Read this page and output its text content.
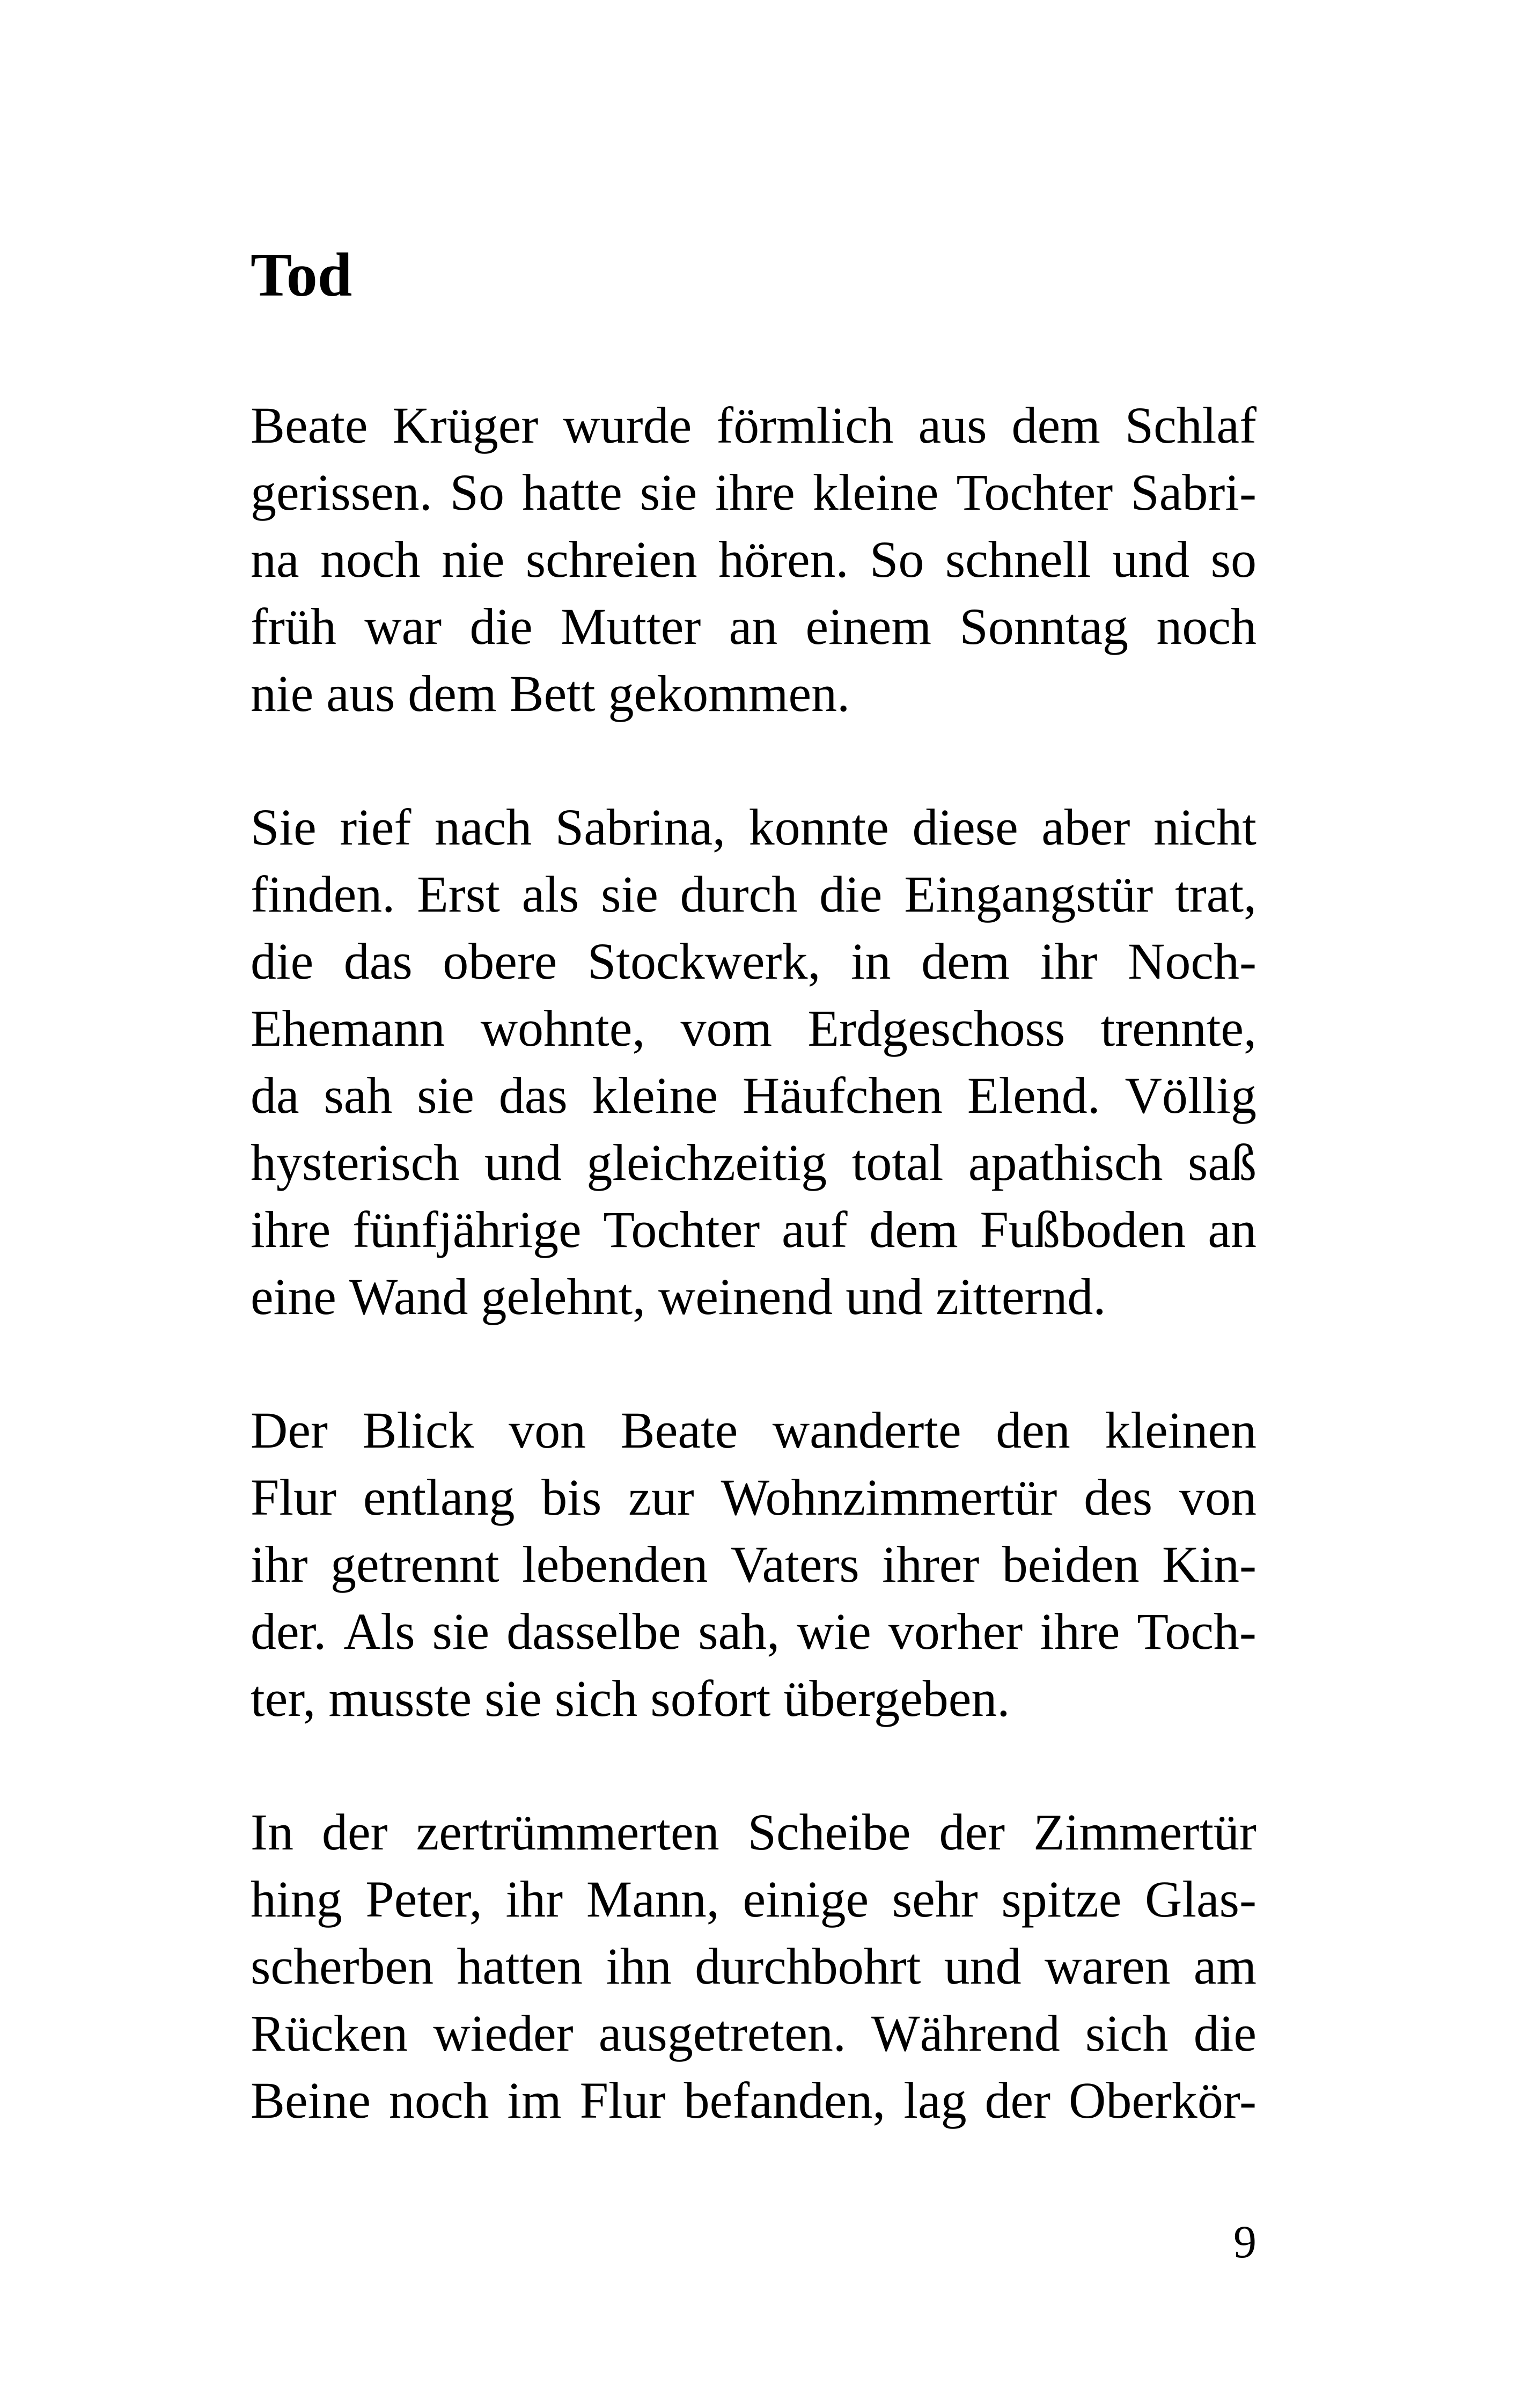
Tod
Beate Krüger wurde förmlich aus dem Schlaf
gerissen. So hatte sie ihre kleine Tochter Sabri-
na noch nie schreien hören. So schnell und so
früh war die Mutter an einem Sonntag noch
nie aus dem Bett gekommen.
Sie rief nach Sabrina, konnte diese aber nicht
finden. Erst als sie durch die Eingangstür trat,
die das obere Stockwerk, in dem ihr Noch-
Ehemann wohnte, vom Erdgeschoss trennte,
da sah sie das kleine Häufchen Elend. Völlig
hysterisch und gleichzeitig total apathisch saß
ihre fünfjährige Tochter auf dem Fußboden an
eine Wand gelehnt, weinend und zitternd.
Der Blick von Beate wanderte den kleinen
Flur entlang bis zur Wohnzimmertür des von
ihr getrennt lebenden Vaters ihrer beiden Kin-
der. Als sie dasselbe sah, wie vorher ihre Toch-
ter, musste sie sich sofort übergeben.
In der zertrümmerten Scheibe der Zimmertür
hing Peter, ihr Mann, einige sehr spitze Glas-
scherben hatten ihn durchbohrt und waren am
Rücken wieder ausgetreten. Während sich die
Beine noch im Flur befanden, lag der Oberkör-
9
